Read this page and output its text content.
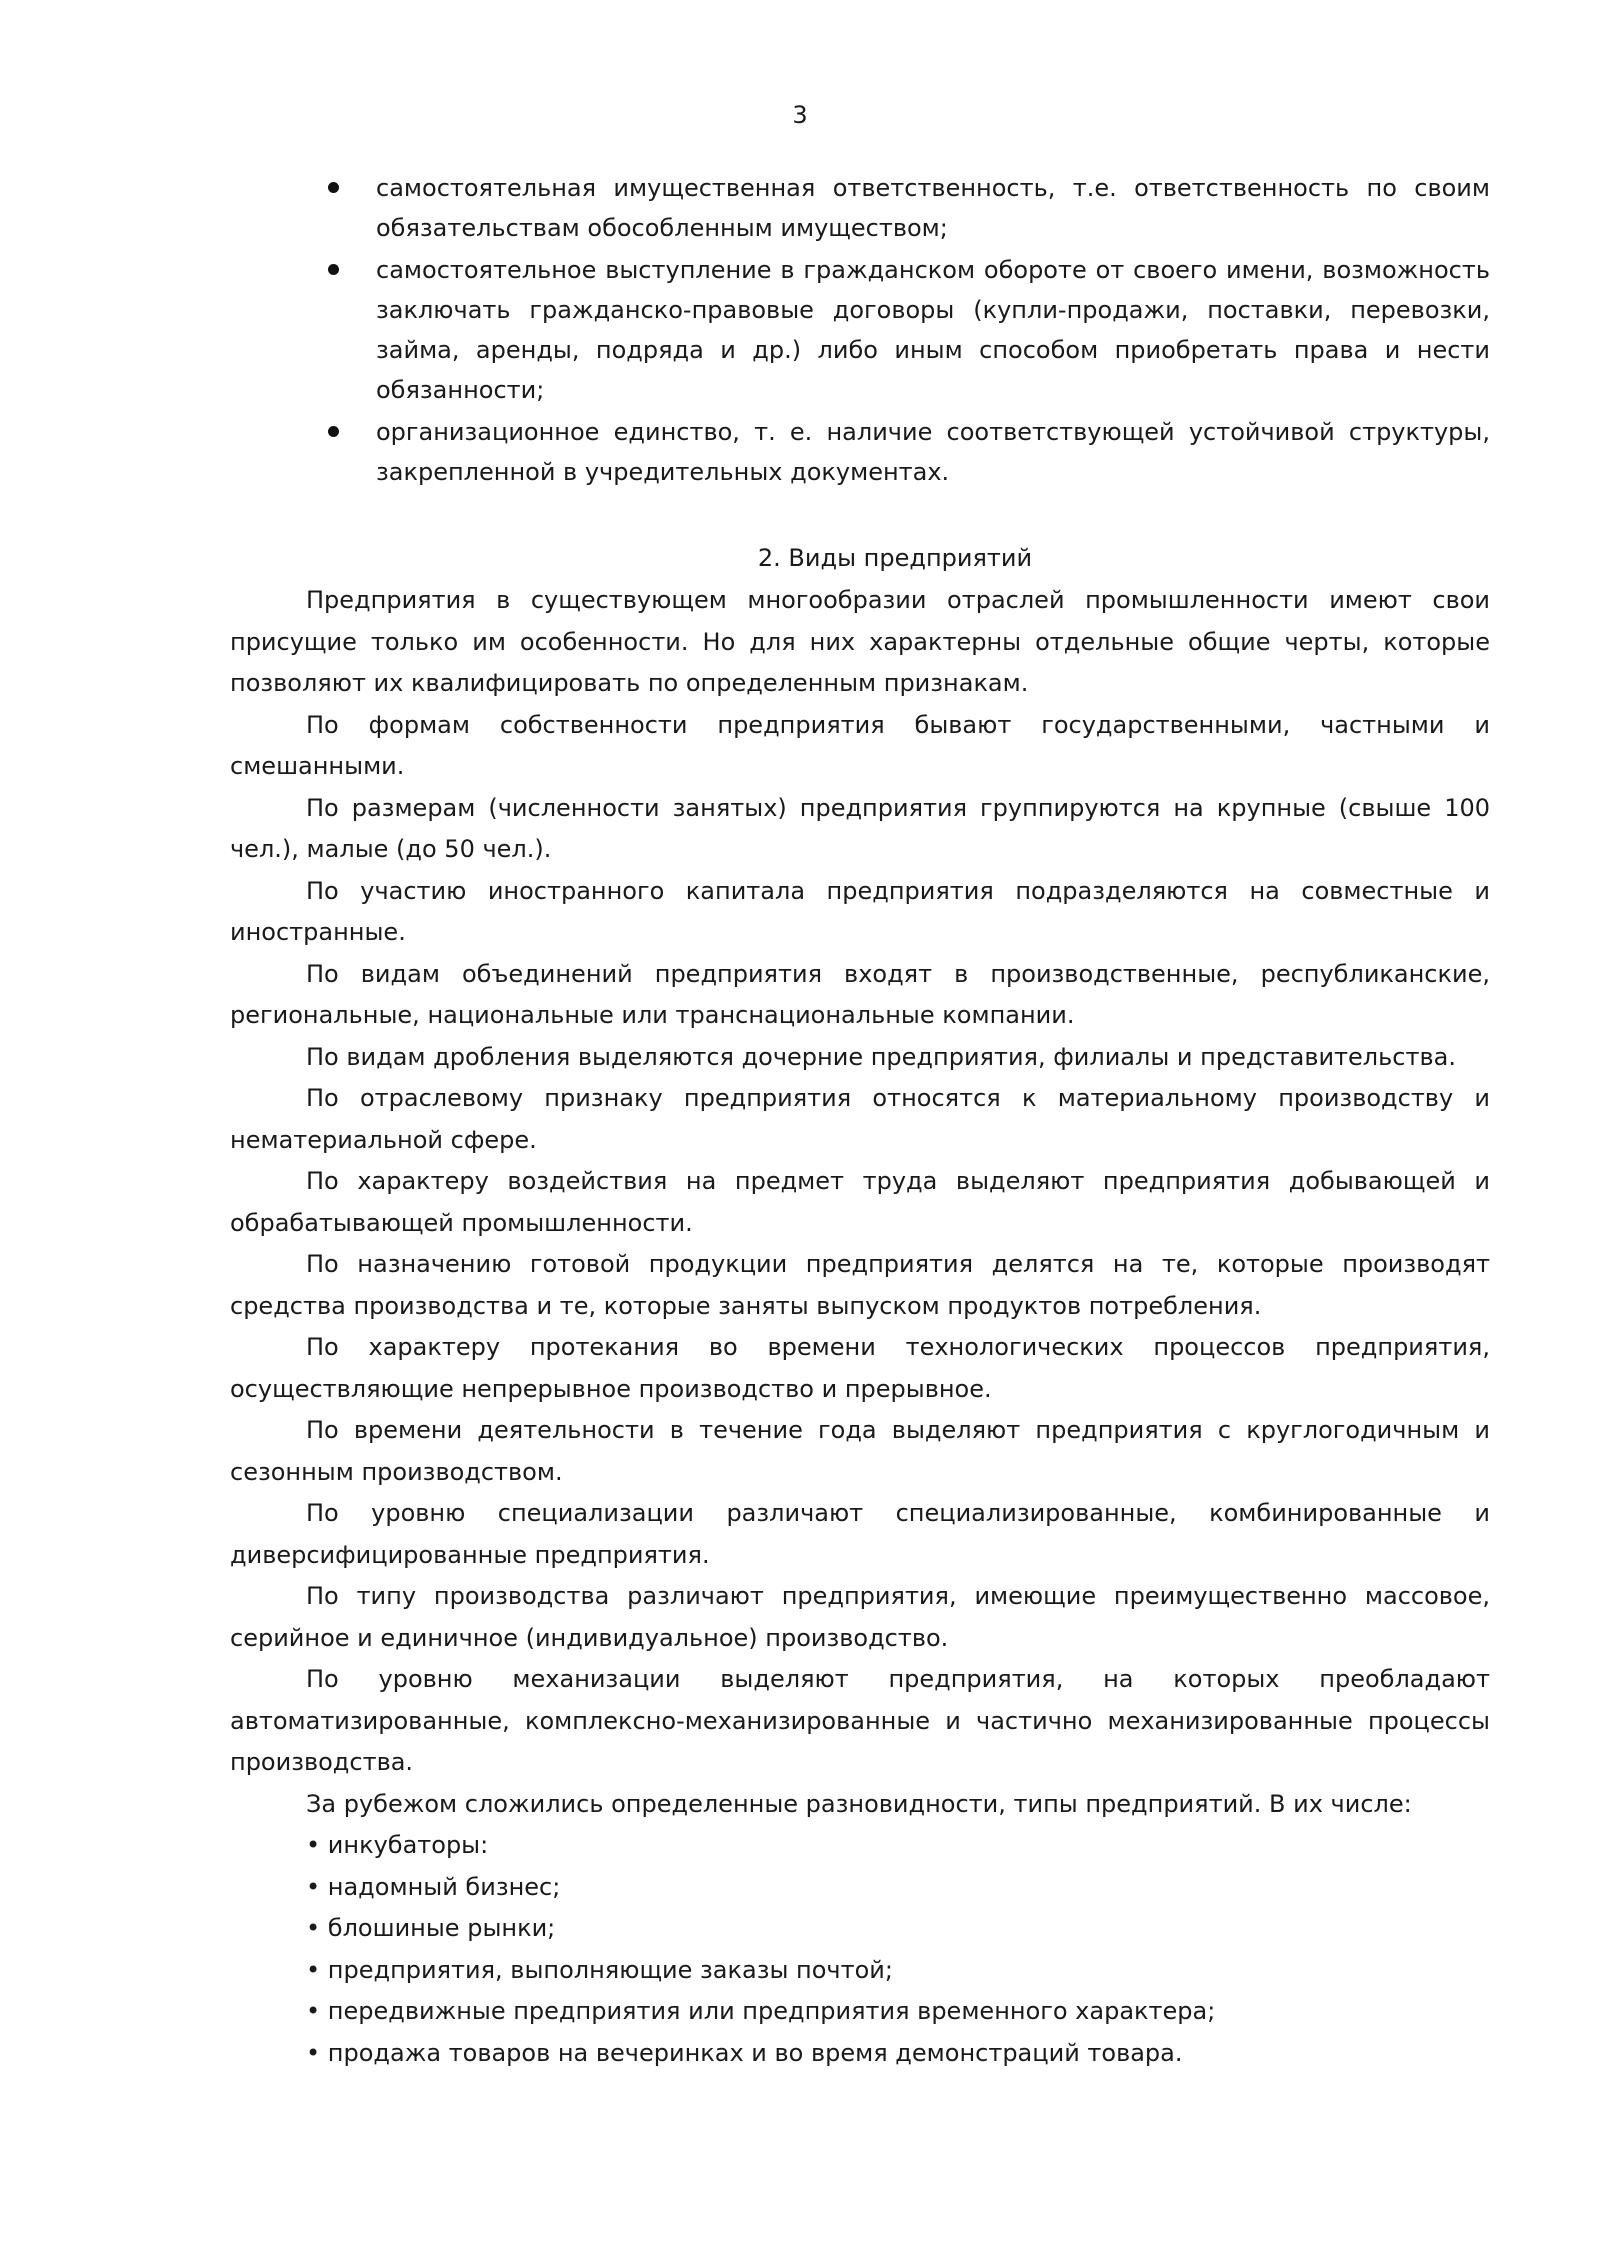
3
самостоятельная имущественная ответственность, т.е. ответственность по своим обязательствам обособленным имуществом;
самостоятельное выступление в гражданском обороте от своего имени, возможность заключать гражданско-правовые договоры (купли-продажи, поставки, перевозки, займа, аренды, подряда и др.) либо иным способом приобретать права и нести обязанности;
организационное единство, т. е. наличие соответствующей устойчивой структуры, закрепленной в учредительных документах.
2. Виды предприятий

Предприятия в существующем многообразии отраслей промышленности имеют свои присущие только им особенности. Но для них характерны отдельные общие черты, которые позволяют их квалифицировать по определенным признакам.

По формам собственности предприятия бывают государственными, частными и смешанными.

По размерам (численности занятых) предприятия группируются на крупные (свыше 100 чел.), малые (до 50 чел.).

По участию иностранного капитала предприятия подразделяются на совместные и иностранные.

По видам объединений предприятия входят в производственные, республиканские, региональные, национальные или транснациональные компании.

По видам дробления выделяются дочерние предприятия, филиалы и представительства.

По отраслевому признаку предприятия относятся к материальному производству и нематериальной сфере.

По характеру воздействия на предмет труда выделяют предприятия добывающей и обрабатывающей промышленности.

По назначению готовой продукции предприятия делятся на те, которые производят средства производства и те, которые заняты выпуском продуктов потребления.

По характеру протекания во времени технологических процессов предприятия, осуществляющие непрерывное производство и прерывное.

По времени деятельности в течение года выделяют предприятия с круглогодичным и сезонным производством.

По уровню специализации различают специализированные, комбинированные и диверсифицированные предприятия.

По типу производства различают предприятия, имеющие преимущественно массовое, серийное и единичное (индивидуальное) производство.

По уровню механизации выделяют предприятия, на которых преобладают автоматизированные, комплексно-механизированные и частично механизированные процессы производства.

За рубежом сложились определенные разновидности, типы предприятий. В их числе:

• инкубаторы:
• надомный бизнес;
• блошиные рынки;
• предприятия, выполняющие заказы почтой;
• передвижные предприятия или предприятия временного характера;
• продажа товаров на вечеринках и во время демонстраций товара.
